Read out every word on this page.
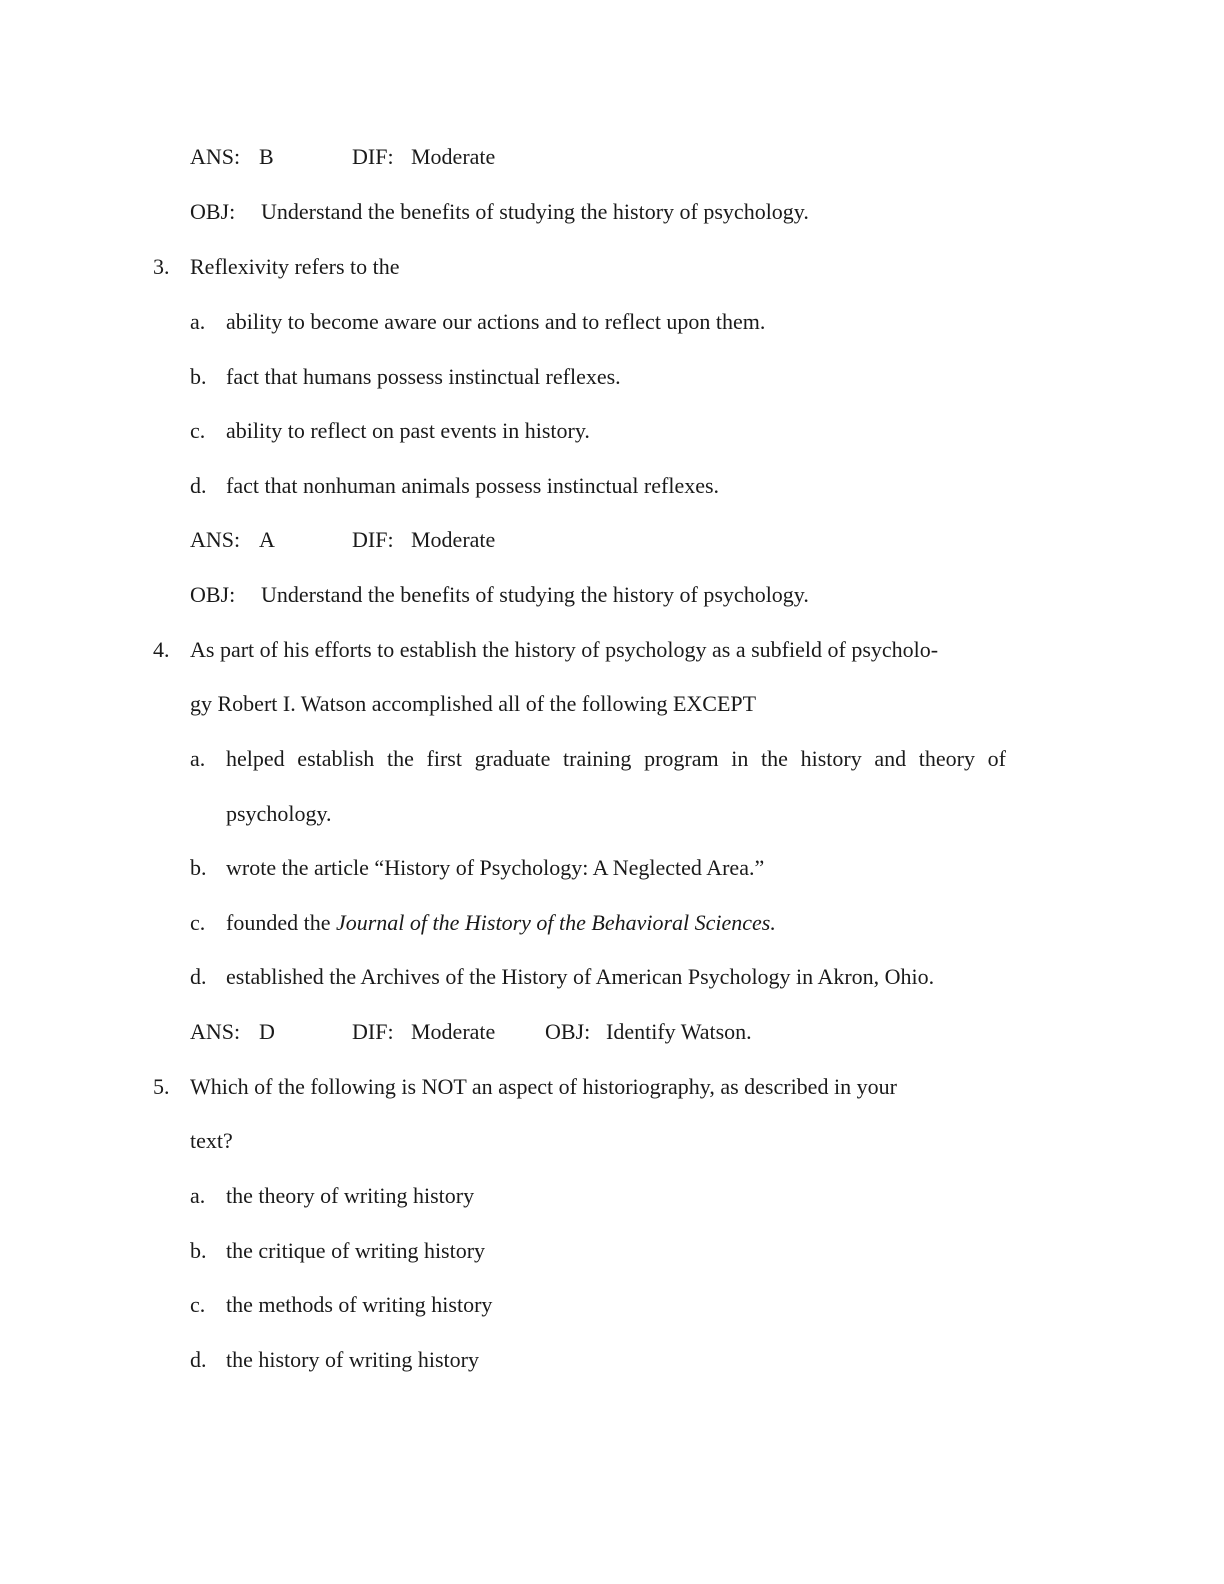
ANS: B	DIF: Moderate
OBJ: Understand the benefits of studying the history of psychology.
3. Reflexivity refers to the
a. ability to become aware our actions and to reflect upon them.
b. fact that humans possess instinctual reflexes.
c. ability to reflect on past events in history.
d. fact that nonhuman animals possess instinctual reflexes.
ANS: A	DIF: Moderate
OBJ: Understand the benefits of studying the history of psychology.
4. As part of his efforts to establish the history of psychology as a subfield of psycholo-
gy Robert I. Watson accomplished all of the following EXCEPT
a. helped establish the first graduate training program in the history and theory of
psychology.
b. wrote the article “History of Psychology: A Neglected Area.”
c. founded the Journal of the History of the Behavioral Sciences.
d. established the Archives of the History of American Psychology in Akron, Ohio.
ANS: D	DIF: Moderate OBJ: Identify Watson.
5. Which of the following is NOT an aspect of historiography, as described in your
text?
a. the theory of writing history
b. the critique of writing history
c. the methods of writing history
d. the history of writing history
